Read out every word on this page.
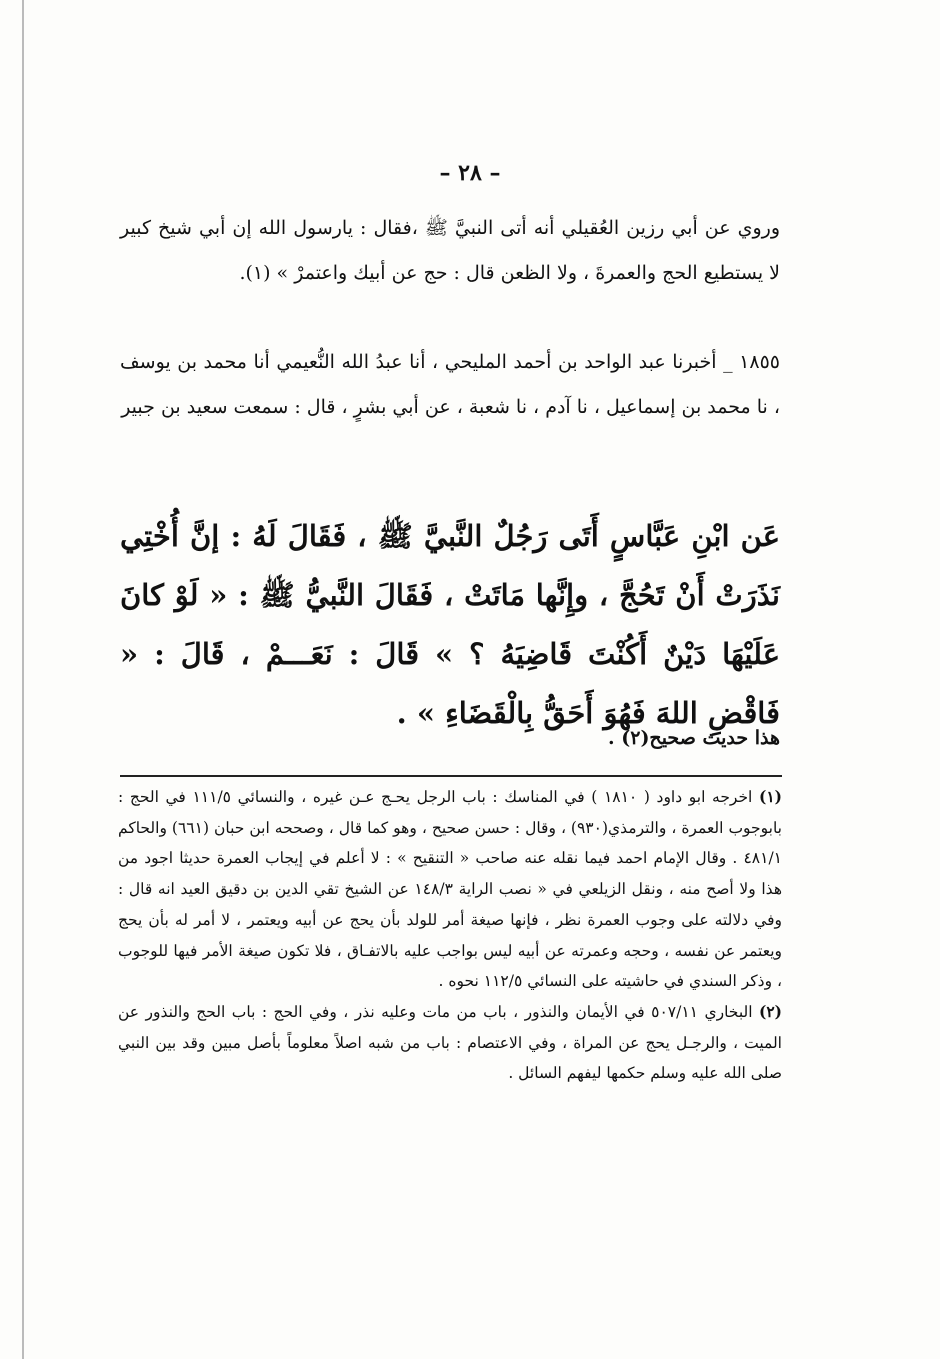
– ٢٨ –

وروي عن أبي رزين العُقيلي أنه أتى النبيَّ ﷺ ،فقال : يارسول الله إن أبي شيخ كبير لا يستطيع الحج والعمرةَ ، ولا الظعن قال : حج عن أبيك واعتمرْ » (١).

١٨٥٥ _ أخبرنا عبد الواحد بن أحمد المليحي ، أنا عبدُ الله النُّعيمي أنا محمد بن يوسف ، نا محمد بن إسماعيل ، نا آدم ، نا شعبة ، عن أبي بشرٍ ، قال : سمعت سعيد بن جبير

عَن ابْنِ عَبَّاسٍ أَتَى رَجُلٌ النَّبيَّ ﷺ ، فَقَالَ لَهُ : إنَّ أُخْتِي نَذَرَتْ أَنْ تَحُجَّ ، وإِنَّها مَاتَتْ ، فَقَالَ النَّبيُّ ﷺ : « لَوْ كانَ عَلَيْهَا دَيْنٌ أَكُنْتَ قَاضِيَهُ ؟ » قَالَ : نَعَـــمْ ، قَالَ : « فَاقْضِ اللهَ فَهُوَ أَحَقُّ بِالْقَضَاءِ » .

هذا حديث صحيح(٢) .

(١) اخرجه ابو داود ( ١٨١٠ ) في المناسك : باب الرجل يحـج عـن غيره ، والنسائي ١١١/٥ في الحج : بابوجوب العمرة ، والترمذي(٩٣٠) ، وقال : حسن صحيح ، وهو كما قال ، وصححه ابن حبان (٦٦١) والحاكم ٤٨١/١ . وقال الإمام احمد فيما نقله عنه صاحب « التنقيح » : لا أعلم في إيجاب العمرة حديثا اجود من هذا ولا أصح منه ، ونقل الزيلعي في « نصب الراية ١٤٨/٣ عن الشيخ تقي الدين بن دقيق العيد انه قال : وفي دلالته على وجوب العمرة نظر ، فإنها صيغة أمر للولد بأن يحج عن أبيه ويعتمر ، لا أمر له بأن يحج ويعتمر عن نفسه ، وحجه وعمرته عن أبيه ليس بواجب عليه بالاتفـاق ، فلا تكون صيغة الأمر فيها للوجوب ، وذكر السندي في حاشيته على النسائي ١١٢/٥ نحوه .

(٢) البخاري ٥٠٧/١١ في الأيمان والنذور ، باب من مات وعليه نذر ، وفي الحج : باب الحج والنذور عن الميت ، والرجـل يحج عن المراة ، وفي الاعتصام : باب من شبه اصلاً معلوماً بأصل مبين وقد بين النبي صلى الله عليه وسلم حكمها ليفهم السائل .
